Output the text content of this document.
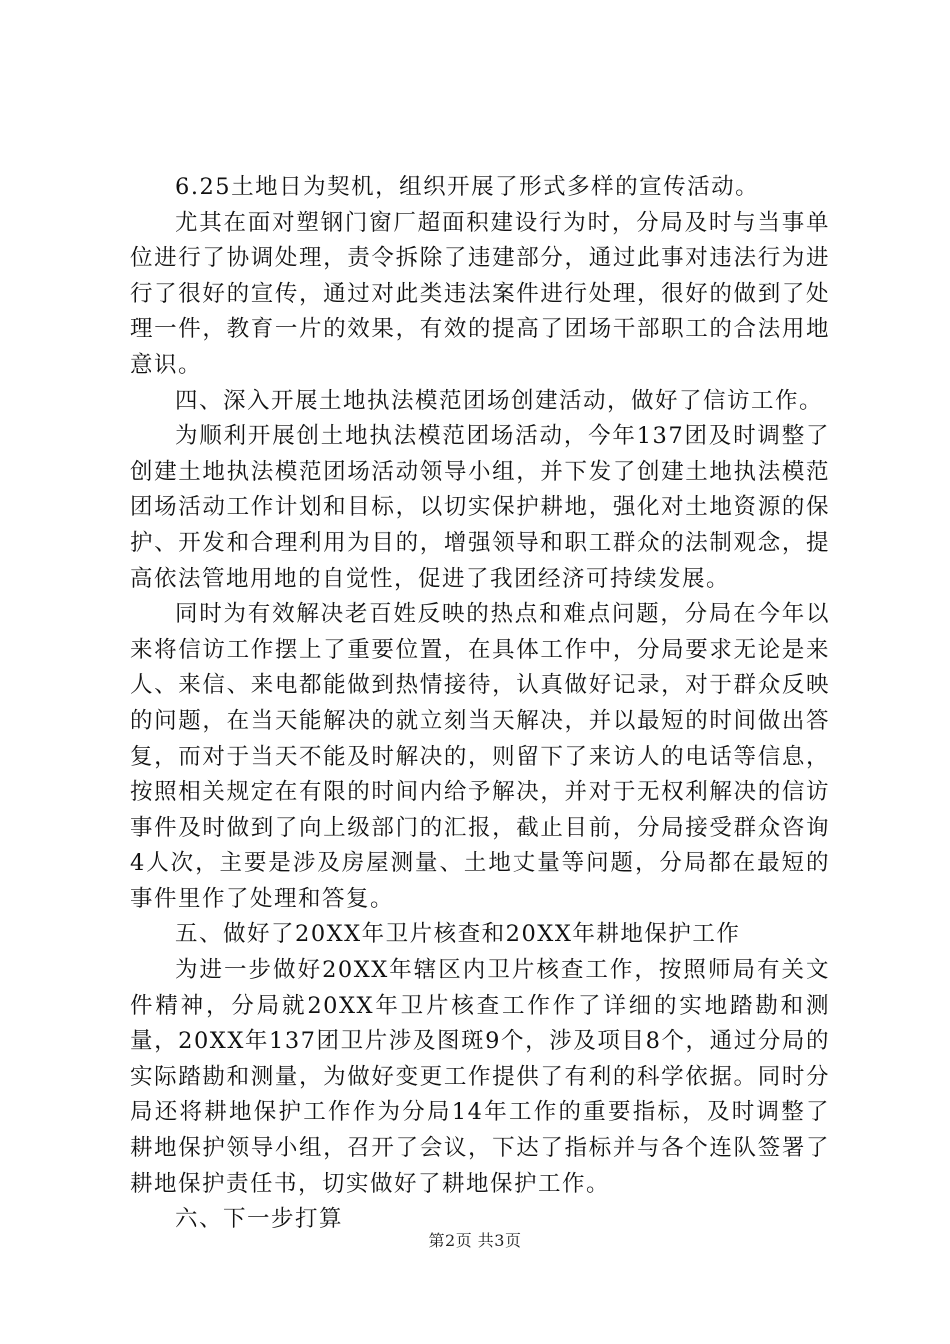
6.25土地日为契机，组织开展了形式多样的宣传活动。

尤其在面对塑钢门窗厂超面积建设行为时，分局及时与当事单位进行了协调处理，责令拆除了违建部分，通过此事对违法行为进行了很好的宣传，通过对此类违法案件进行处理，很好的做到了处理一件，教育一片的效果，有效的提高了团场干部职工的合法用地意识。

四、深入开展土地执法模范团场创建活动，做好了信访工作。

为顺利开展创土地执法模范团场活动，今年137团及时调整了创建土地执法模范团场活动领导小组，并下发了创建土地执法模范团场活动工作计划和目标，以切实保护耕地，强化对土地资源的保护、开发和合理利用为目的，增强领导和职工群众的法制观念，提高依法管地用地的自觉性，促进了我团经济可持续发展。

同时为有效解决老百姓反映的热点和难点问题，分局在今年以来将信访工作摆上了重要位置，在具体工作中，分局要求无论是来人、来信、来电都能做到热情接待，认真做好记录，对于群众反映的问题，在当天能解决的就立刻当天解决，并以最短的时间做出答复，而对于当天不能及时解决的，则留下了来访人的电话等信息，按照相关规定在有限的时间内给予解决，并对于无权利解决的信访事件及时做到了向上级部门的汇报，截止目前，分局接受群众咨询4人次，主要是涉及房屋测量、土地丈量等问题，分局都在最短的事件里作了处理和答复。

五、做好了20XX年卫片核查和20XX年耕地保护工作

为进一步做好20XX年辖区内卫片核查工作，按照师局有关文件精神，分局就20XX年卫片核查工作作了详细的实地踏勘和测量，20XX年137团卫片涉及图斑9个，涉及项目8个，通过分局的实际踏勘和测量，为做好变更工作提供了有利的科学依据。同时分局还将耕地保护工作作为分局14年工作的重要指标，及时调整了耕地保护领导小组，召开了会议，下达了指标并与各个连队签署了耕地保护责任书，切实做好了耕地保护工作。

六、下一步打算

第2页 共3页
